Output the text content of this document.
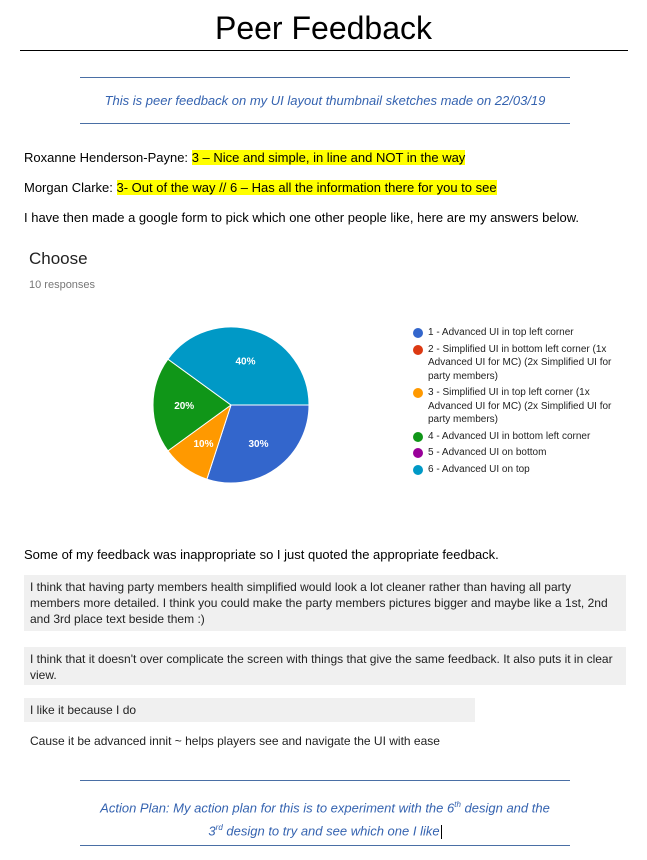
Peer Feedback
This is peer feedback on my UI layout thumbnail sketches made on 22/03/19
Roxanne Henderson-Payne: 3 – Nice and simple, in line and NOT in the way
Morgan Clarke: 3- Out of the way // 6 – Has all the information there for you to see
I have then made a google form to pick which one other people like, here are my answers below.
Choose
10 responses
30%
10%
20%
40%
1 - Advanced UI in top left corner
2 - Simplified UI in bottom left corner (1x Advanced UI for MC) (2x Simplified UI for party members)
3 - Simplified UI in top left corner (1x Advanced UI for MC) (2x Simplified UI for party members)
4 - Advanced UI in bottom left corner
5 - Advanced UI on bottom
6 - Advanced UI on top
Some of my feedback was inappropriate so I just quoted the appropriate feedback.
I think that having party members health simplified would look a lot cleaner rather than having all party members more detailed. I think you could make the party members pictures bigger and maybe like a 1st, 2nd and 3rd place text beside them :)
I think that it doesn't over complicate the screen with things that give the same feedback. It also puts it in clear view.
I like it because I do
Cause it be advanced innit ~ helps players see and navigate the UI with ease
Action Plan: My action plan for this is to experiment with the 6th design and the
3rd design to try and see which one I like
